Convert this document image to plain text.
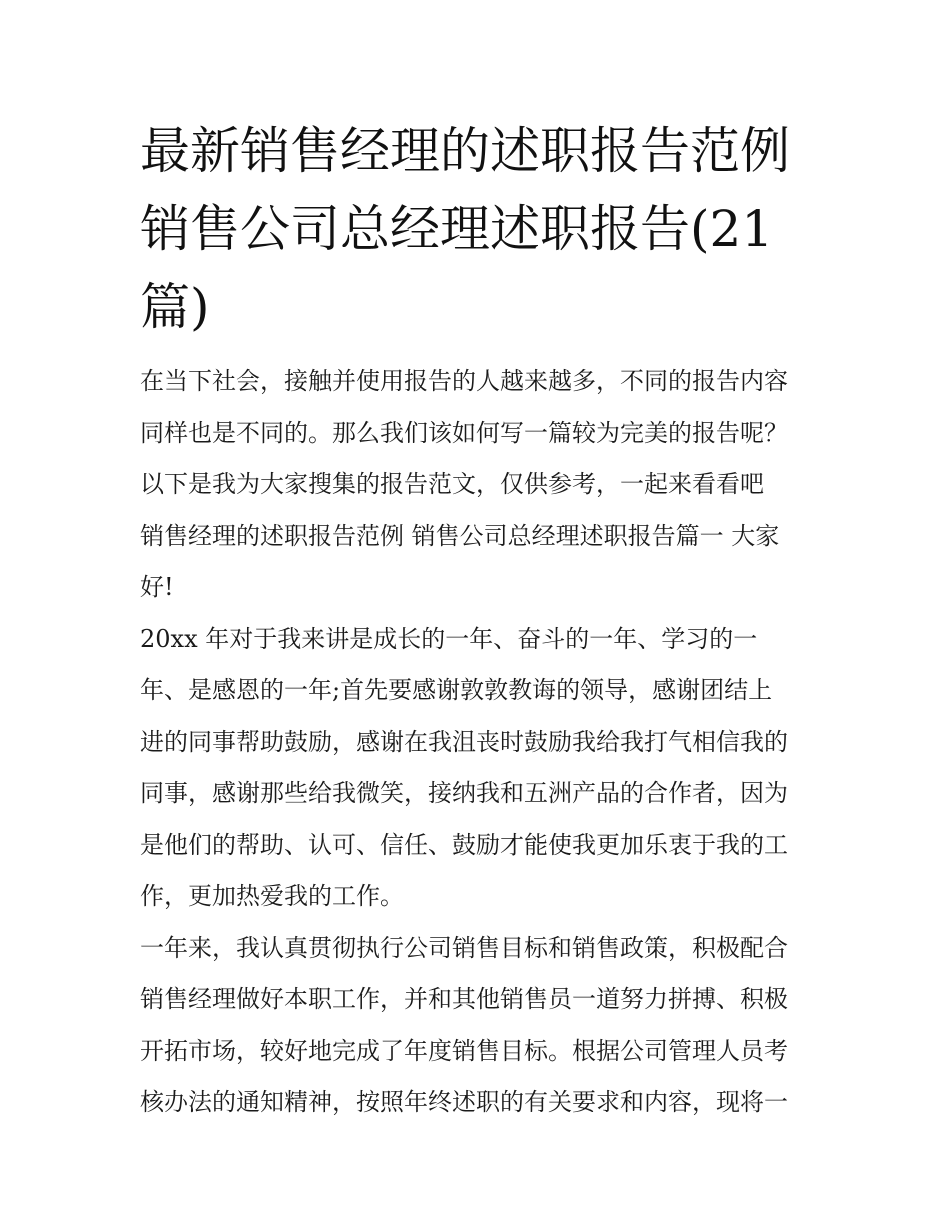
最新销售经理的述职报告范例
销售公司总经理述职报告(21
篇)
在当下社会，接触并使用报告的人越来越多，不同的报告内容
同样也是不同的。那么我们该如何写一篇较为完美的报告呢？
以下是我为大家搜集的报告范文，仅供参考，一起来看看吧
销售经理的述职报告范例 销售公司总经理述职报告篇一 大家
好!
20xx 年对于我来讲是成长的一年、奋斗的一年、学习的一
年、是感恩的一年;首先要感谢敦敦教诲的领导，感谢团结上
进的同事帮助鼓励，感谢在我沮丧时鼓励我给我打气相信我的
同事，感谢那些给我微笑，接纳我和五洲产品的合作者，因为
是他们的帮助、认可、信任、鼓励才能使我更加乐衷于我的工
作，更加热爱我的工作。
一年来，我认真贯彻执行公司销售目标和销售政策，积极配合
销售经理做好本职工作，并和其他销售员一道努力拼搏、积极
开拓市场，较好地完成了年度销售目标。根据公司管理人员考
核办法的通知精神，按照年终述职的有关要求和内容，现将一
